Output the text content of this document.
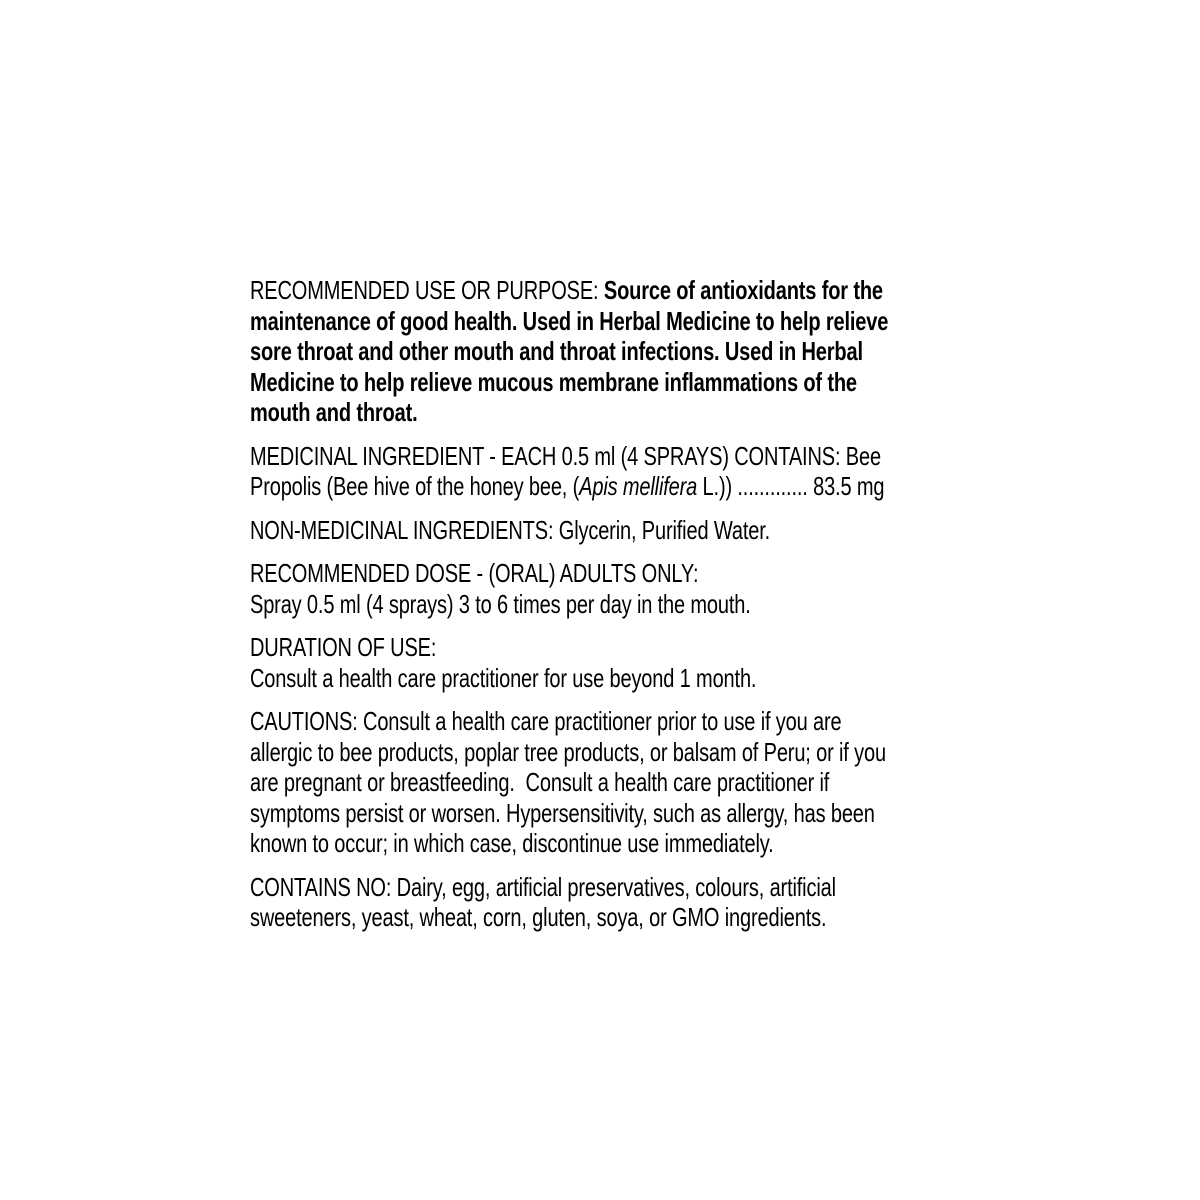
RECOMMENDED USE OR PURPOSE: Source of antioxidants for the
maintenance of good health. Used in Herbal Medicine to help relieve
sore throat and other mouth and throat infections. Used in Herbal
Medicine to help relieve mucous membrane inflammations of the
mouth and throat.
MEDICINAL INGREDIENT - EACH 0.5 ml (4 SPRAYS) CONTAINS: Bee
Propolis (Bee hive of the honey bee, (Apis mellifera L.)) ............. 83.5 mg
NON-MEDICINAL INGREDIENTS: Glycerin, Purified Water.
RECOMMENDED DOSE - (ORAL) ADULTS ONLY:
Spray 0.5 ml (4 sprays) 3 to 6 times per day in the mouth.
DURATION OF USE:
Consult a health care practitioner for use beyond 1 month.
CAUTIONS: Consult a health care practitioner prior to use if you are
allergic to bee products, poplar tree products, or balsam of Peru; or if you
are pregnant or breastfeeding.  Consult a health care practitioner if
symptoms persist or worsen. Hypersensitivity, such as allergy, has been
known to occur; in which case, discontinue use immediately.
CONTAINS NO: Dairy, egg, artificial preservatives, colours, artificial
sweeteners, yeast, wheat, corn, gluten, soya, or GMO ingredients.
